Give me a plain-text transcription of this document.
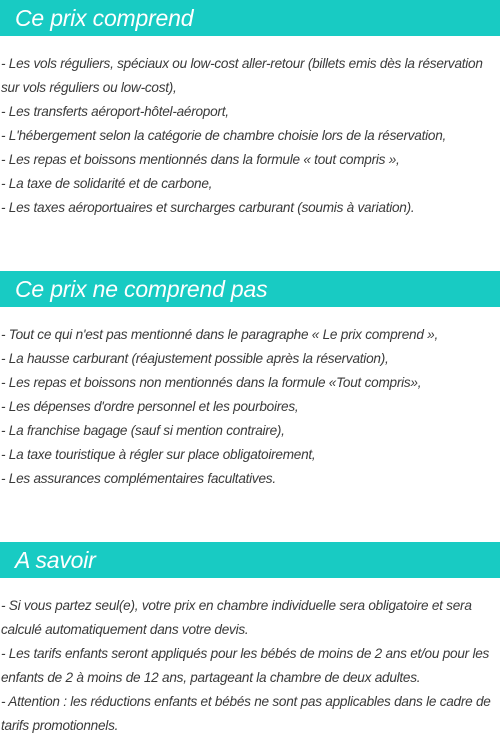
Ce prix comprend
- Les vols réguliers, spéciaux ou low-cost aller-retour (billets emis dès la réservation sur vols réguliers ou low-cost),
- Les transferts aéroport-hôtel-aéroport,
- L'hébergement selon la catégorie de chambre choisie lors de la réservation,
- Les repas et boissons mentionnés dans la formule « tout compris »,
- La taxe de solidarité et de carbone,
- Les taxes aéroportuaires et surcharges carburant (soumis à variation).
Ce prix ne comprend pas
- Tout ce qui n'est pas mentionné dans le paragraphe « Le prix comprend »,
- La hausse carburant (réajustement possible après la réservation),
- Les repas et boissons non mentionnés dans la formule «Tout compris»,
- Les dépenses d'ordre personnel et les pourboires,
- La franchise bagage (sauf si mention contraire),
- La taxe touristique à régler sur place obligatoirement,
- Les assurances complémentaires facultatives.
A savoir
- Si vous partez seul(e), votre prix en chambre individuelle sera obligatoire et sera calculé automatiquement dans votre devis.
- Les tarifs enfants seront appliqués pour les bébés de moins de 2 ans et/ou pour les enfants de 2 à moins de 12 ans, partageant la chambre de deux adultes.
- Attention : les réductions enfants et bébés ne sont pas applicables dans le cadre de tarifs promotionnels.
